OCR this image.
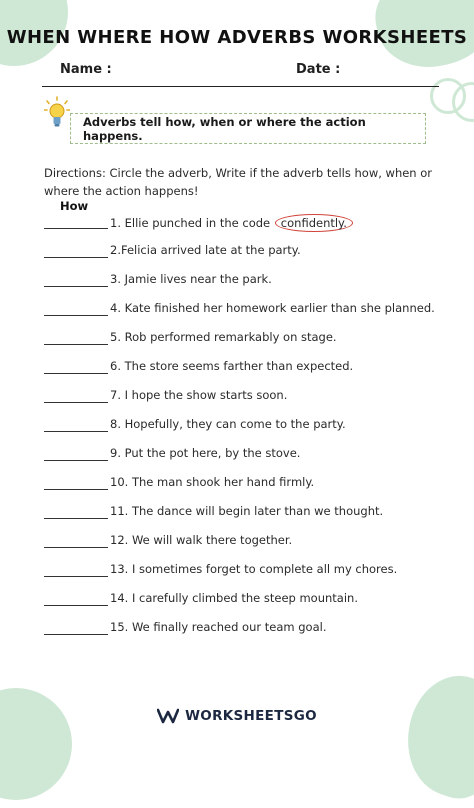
WHEN WHERE HOW ADVERBS WORKSHEETS
Name :	Date :
Adverbs tell how, when or where the action happens.
Directions: Circle the adverb, Write if the adverb tells how, when or where the action happens!
How
1. Ellie punched in the code confidently.
2.Felicia arrived late at the party.
3. Jamie lives near the park.
4. Kate finished her homework earlier than she planned.
5. Rob performed remarkably on stage.
6. The store seems farther than expected.
7. I hope the show starts soon.
8. Hopefully, they can come to the party.
9. Put the pot here, by the stove.
10. The man shook her hand firmly.
11. The dance will begin later than we thought.
12. We will walk there together.
13. I sometimes forget to complete all my chores.
14. I carefully climbed the steep mountain.
15. We finally reached our team goal.
WORKSHEETSGO
